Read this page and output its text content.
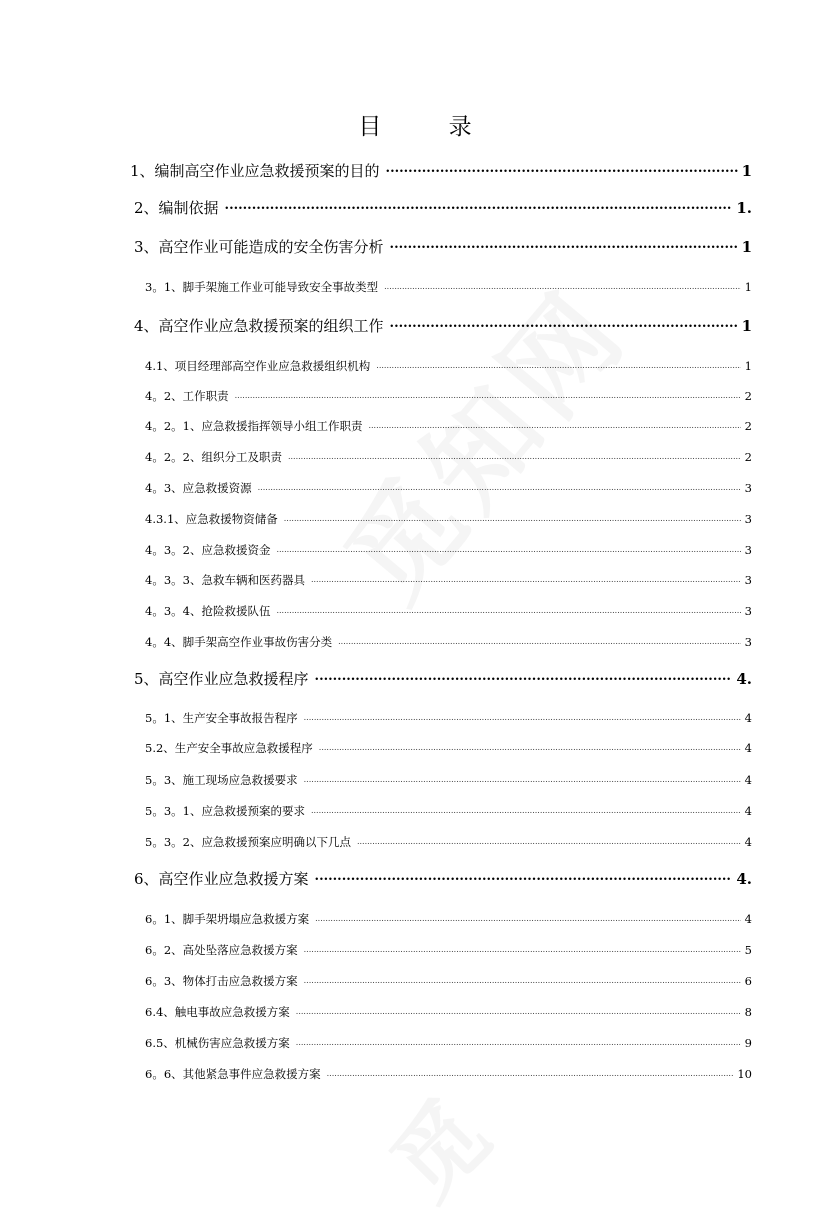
觅知网
觅
目 录
1、编制高空作业应急救援预案的目的 .....	1
2、编制依据 .....	1.
3、高空作业可能造成的安全伤害分析 .....	1
3。1、脚手架施工作业可能导致安全事故类型 .....	1
4、高空作业应急救援预案的组织工作 .....	1
4.1、项目经理部高空作业应急救援组织机构 .....	1
4。2、工作职责 .....	2
4。2。1、应急救援指挥领导小组工作职责 .....	2
4。2。2、组织分工及职责 .....	2
4。3、应急救援资源 .....	3
4.3.1、应急救援物资储备 .....	3
4。3。2、应急救援资金 .....	3
4。3。3、急救车辆和医药器具 .....	3
4。3。4、抢险救援队伍 .....	3
4。4、脚手架高空作业事故伤害分类 .....	3
5、高空作业应急救援程序 .....	4.
5。1、生产安全事故报告程序 .....	4
5.2、生产安全事故应急救援程序 .....	4
5。3、施工现场应急救援要求 .....	4
5。3。1、应急救援预案的要求 .....	4
5。3。2、应急救援预案应明确以下几点 .....	4
6、高空作业应急救援方案 .....	4.
6。1、脚手架坍塌应急救援方案 .....	4
6。2、高处坠落应急救援方案 .....	5
6。3、物体打击应急救援方案 .....	6
6.4、触电事故应急救援方案 .....	8
6.5、机械伤害应急救援方案 .....	9
6。6、其他紧急事件应急救援方案 .....	10
